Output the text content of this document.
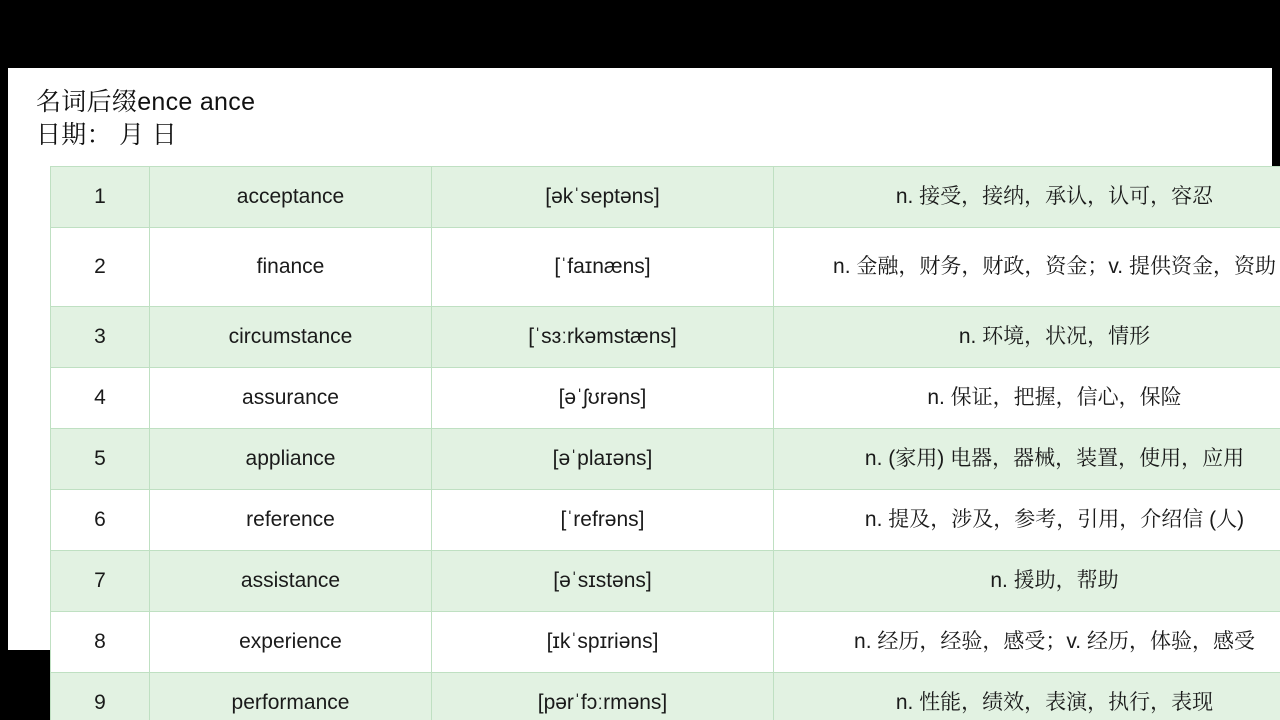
名词后缀ence ance
日期： 月 日
1	acceptance	[əkˈseptəns]	n. 接受，接纳，承认，认可，容忍
2	finance	[ˈfaɪnæns]	n. 金融，财务，财政，资金；v. 提供资金，资助
3	circumstance	[ˈsɜːrkəmstæns]	n. 环境，状况，情形
4	assurance	[əˈʃʊrəns]	n. 保证，把握，信心，保险
5	appliance	[əˈplaɪəns]	n. (家用) 电器，器械，装置，使用，应用
6	reference	[ˈrefrəns]	n. 提及，涉及，参考，引用，介绍信 (人)
7	assistance	[əˈsɪstəns]	n. 援助，帮助
8	experience	[ɪkˈspɪriəns]	n. 经历，经验，感受；v. 经历，体验，感受
9	performance	[pərˈfɔːrməns]	n. 性能，绩效，表演，执行，表现
